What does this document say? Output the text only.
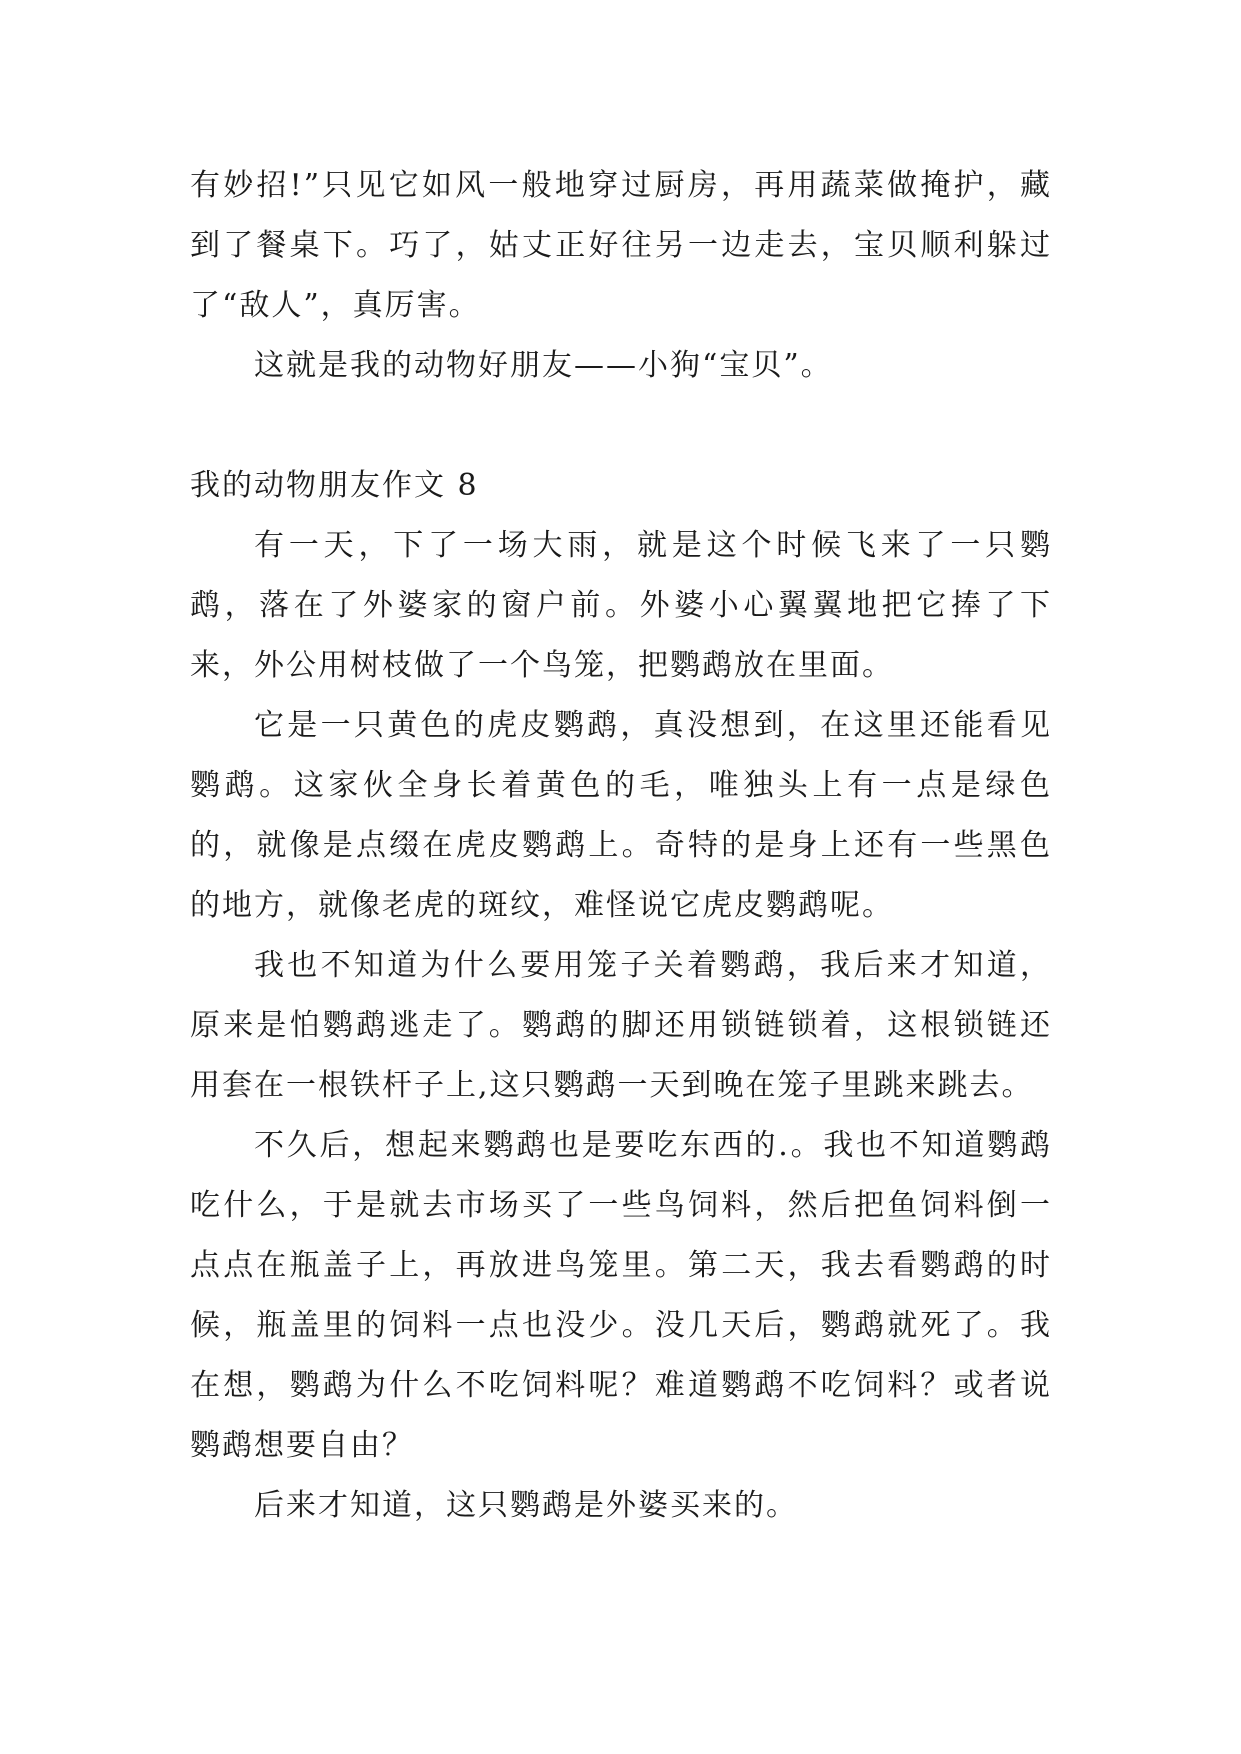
有妙招!”只见它如风一般地穿过厨房，再用蔬菜做掩护，藏到了餐桌下。巧了，姑丈正好往另一边走去，宝贝顺利躲过了“敌人”，真厉害。

这就是我的动物好朋友——小狗“宝贝”。

我的动物朋友作文 8

有一天，下了一场大雨，就是这个时候飞来了一只鹦鹉，落在了外婆家的窗户前。外婆小心翼翼地把它捧了下来，外公用树枝做了一个鸟笼，把鹦鹉放在里面。

它是一只黄色的虎皮鹦鹉，真没想到，在这里还能看见鹦鹉。这家伙全身长着黄色的毛，唯独头上有一点是绿色的，就像是点缀在虎皮鹦鹉上。奇特的是身上还有一些黑色的地方，就像老虎的斑纹，难怪说它虎皮鹦鹉呢。

我也不知道为什么要用笼子关着鹦鹉，我后来才知道，原来是怕鹦鹉逃走了。鹦鹉的脚还用锁链锁着，这根锁链还用套在一根铁杆子上,这只鹦鹉一天到晚在笼子里跳来跳去。

不久后，想起来鹦鹉也是要吃东西的.。我也不知道鹦鹉吃什么，于是就去市场买了一些鸟饲料，然后把鱼饲料倒一点点在瓶盖子上，再放进鸟笼里。第二天，我去看鹦鹉的时候，瓶盖里的饲料一点也没少。没几天后，鹦鹉就死了。我在想，鹦鹉为什么不吃饲料呢？难道鹦鹉不吃饲料？或者说鹦鹉想要自由？

后来才知道，这只鹦鹉是外婆买来的。
